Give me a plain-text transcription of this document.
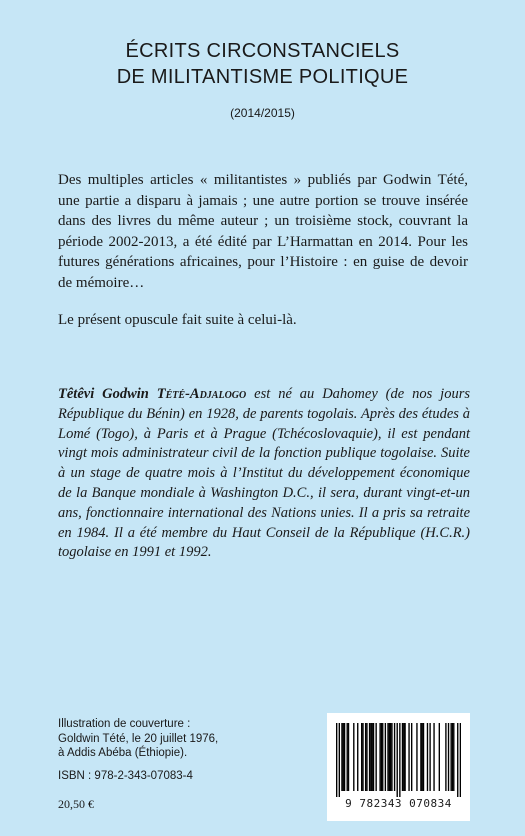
ÉCRITS CIRCONSTANCIELS
DE MILITANTISME POLITIQUE
(2014/2015)
Des multiples articles « militantistes » publiés par Godwin Tété, une partie a disparu à jamais ; une autre portion se trouve insérée dans des livres du même auteur ; un troisième stock, couvrant la période 2002-2013, a été édité par L’Harmattan en 2014. Pour les futures générations africaines, pour l’Histoire : en guise de devoir de mémoire…
Le présent opuscule fait suite à celui-là.
Têtêvi Godwin Tété-Adjalogo est né au Dahomey (de nos jours République du Bénin) en 1928, de parents togolais. Après des études à Lomé (Togo), à Paris et à Prague (Tchécoslovaquie), il est pendant vingt mois administrateur civil de la fonction publique togolaise. Suite à un stage de quatre mois à l’Institut du développement économique de la Banque mondiale à Washington D.C., il sera, durant vingt-et-un ans, fonctionnaire international des Nations unies. Il a pris sa retraite en 1984. Il a été membre du Haut Conseil de la République (H.C.R.) togolaise en 1991 et 1992.
Illustration de couverture :
Goldwin Tété, le 20 juillet 1976,
à Addis Abéba (Éthiopie).
ISBN : 978-2-343-07083-4
20,50 €	9 782343 070834
